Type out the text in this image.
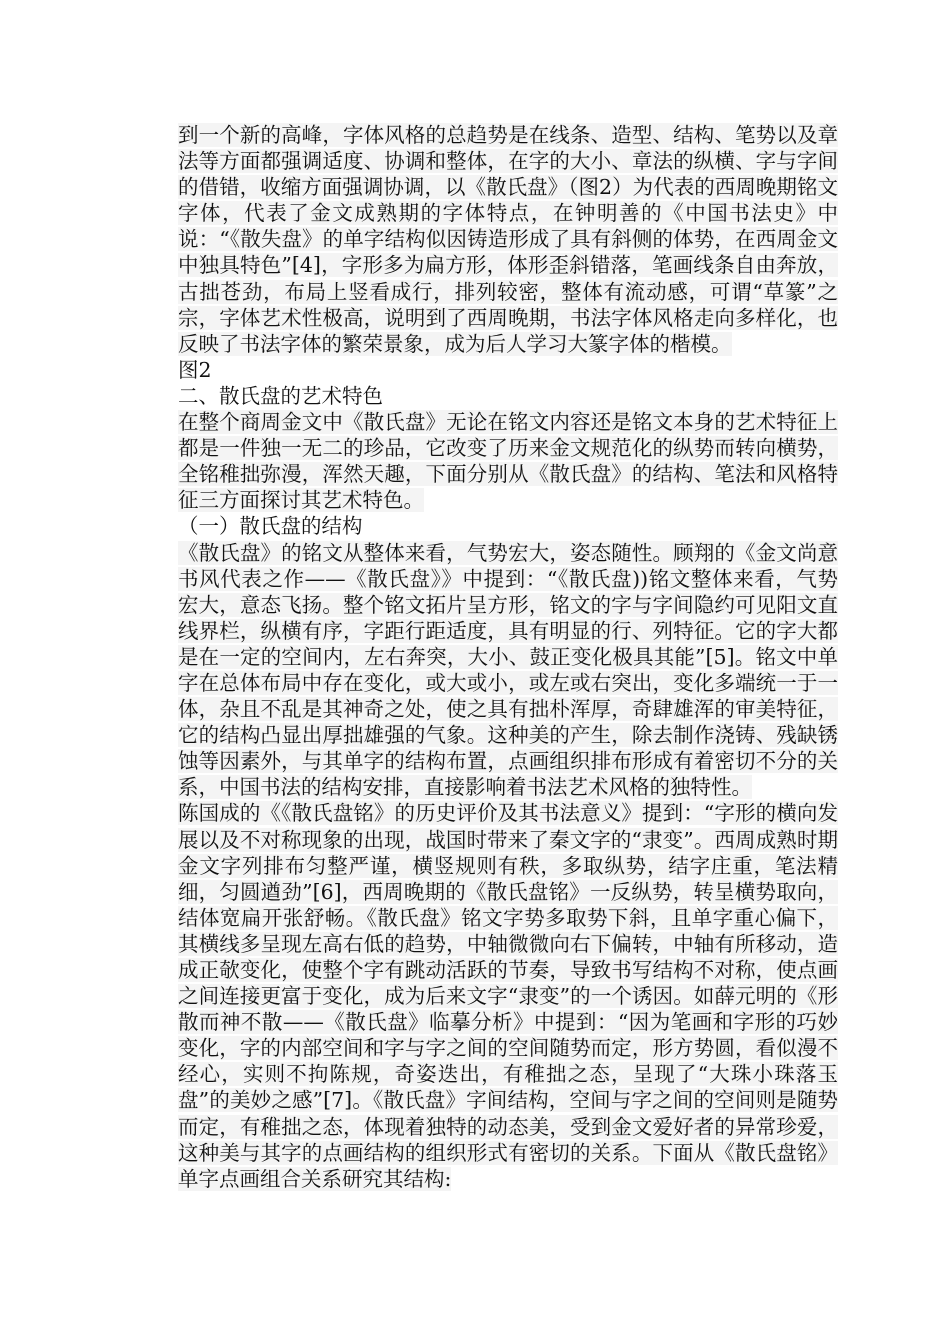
到一个新的高峰，字体风格的总趋势是在线条、造型、结构、笔势以及章法等方面都强调适度、协调和整体，在字的大小、章法的纵横、字与字间的借错，收缩方面强调协调，以《散氏盘》（图2）为代表的西周晚期铭文字体，代表了金文成熟期的字体特点，在钟明善的《中国书法史》中说：“《散失盘》的单字结构似因铸造形成了具有斜侧的体势，在西周金文中独具特色”[4]，字形多为扁方形，体形歪斜错落，笔画线条自由奔放，古拙苍劲，布局上竖看成行，排列较密，整体有流动感，可谓“草篆”之宗，字体艺术性极高，说明到了西周晚期，书法字体风格走向多样化，也反映了书法字体的繁荣景象，成为后人学习大篆字体的楷模。

图2

二、散氏盘的艺术特色

在整个商周金文中《散氏盘》无论在铭文内容还是铭文本身的艺术特征上都是一件独一无二的珍品，它改变了历来金文规范化的纵势而转向横势，全铭稚拙弥漫，浑然天趣，下面分别从《散氏盘》的结构、笔法和风格特征三方面探讨其艺术特色。

（一）散氏盘的结构

《散氏盘》的铭文从整体来看，气势宏大，姿态随性。顾翔的《金文尚意书风代表之作——《散氏盘》》中提到：“《散氏盘))铭文整体来看，气势宏大，意态飞扬。整个铭文拓片呈方形，铭文的字与字间隐约可见阳文直线界栏，纵横有序，字距行距适度，具有明显的行、列特征。它的字大都是在一定的空间内，左右奔突，大小、鼓正变化极具其能”[5]。铭文中单字在总体布局中存在变化，或大或小，或左或右突出，变化多端统一于一体，杂且不乱是其神奇之处，使之具有拙朴浑厚，奇肆雄浑的审美特征，它的结构凸显出厚拙雄强的气象。这种美的产生，除去制作浇铸、残缺锈蚀等因素外，与其单字的结构布置，点画组织排布形成有着密切不分的关系，中国书法的结构安排，直接影响着书法艺术风格的独特性。

陈国成的《《散氏盘铭》的历史评价及其书法意义》提到：“字形的横向发展以及不对称现象的出现，战国时带来了秦文字的“隶变”。西周成熟时期金文字列排布匀整严谨，横竖规则有秩，多取纵势，结字庄重，笔法精细，匀圆遒劲”[6]，西周晚期的《散氏盘铭》一反纵势，转呈横势取向，结体宽扁开张舒畅。《散氏盘》铭文字势多取势下斜，且单字重心偏下，其横线多呈现左高右低的趋势，中轴微微向右下偏转，中轴有所移动，造成正欹变化，使整个字有跳动活跃的节奏，导致书写结构不对称，使点画之间连接更富于变化，成为后来文字“隶变”的一个诱因。如薛元明的《形散而神不散——《散氏盘》临摹分析》中提到：“因为笔画和字形的巧妙变化，字的内部空间和字与字之间的空间随势而定，形方势圆，看似漫不经心，实则不拘陈规，奇姿迭出，有稚拙之态，呈现了“大珠小珠落玉盘”的美妙之感”[7]。《散氏盘》字间结构，空间与字之间的空间则是随势而定，有稚拙之态，体现着独特的动态美，受到金文爱好者的异常珍爱，这种美与其字的点画结构的组织形式有密切的关系。下面从《散氏盘铭》单字点画组合关系研究其结构:
